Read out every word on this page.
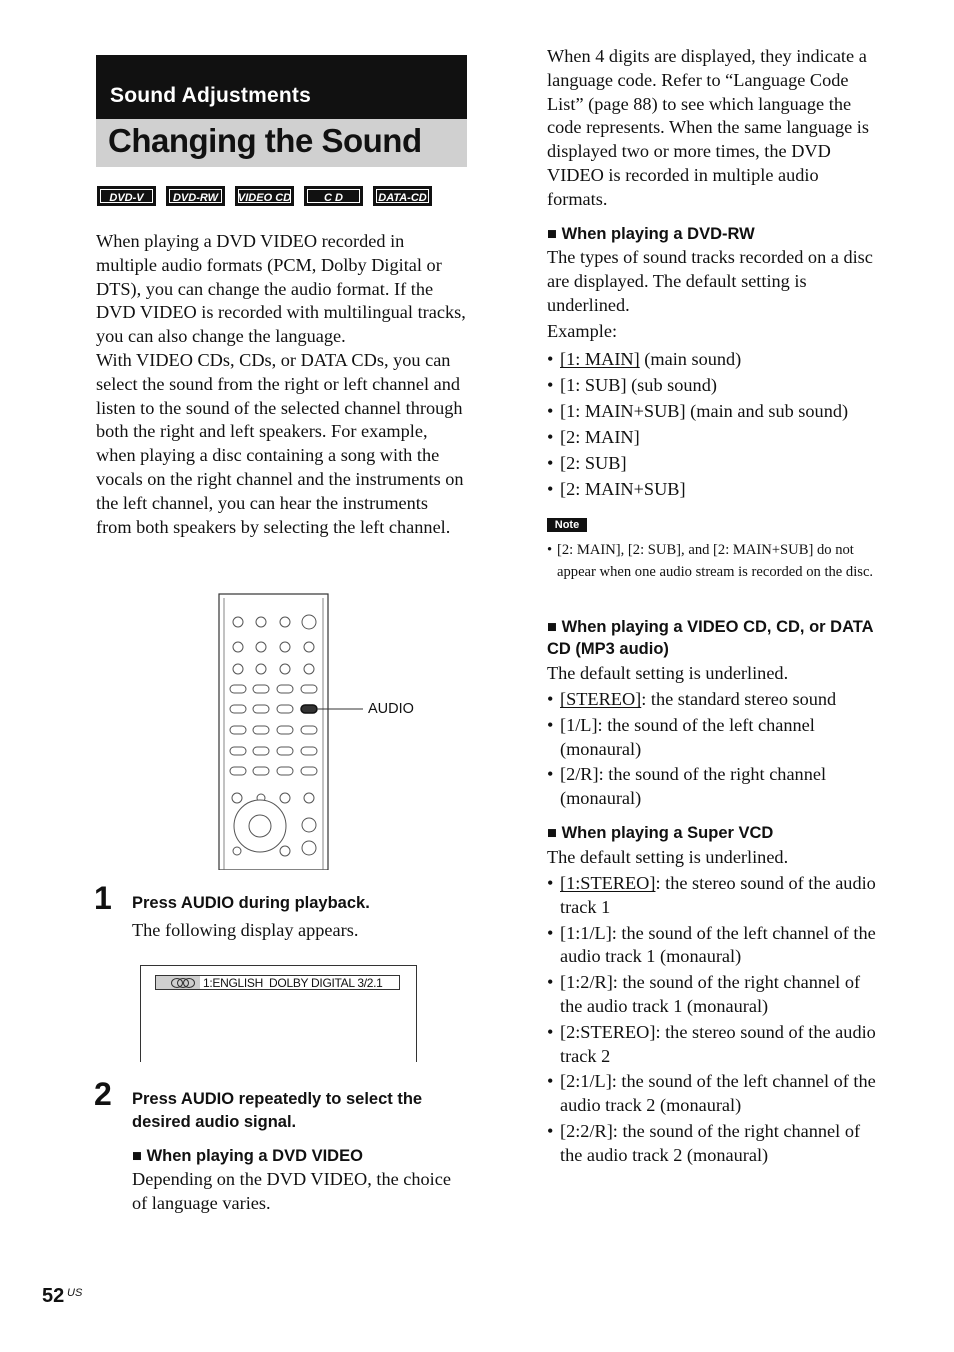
Sound Adjustments
Changing the Sound
DVD-V	DVD-RW	VIDEO CD	C D	DATA-CD
When playing a DVD VIDEO recorded in multiple audio formats (PCM, Dolby Digital or DTS), you can change the audio format. If the DVD VIDEO is recorded with multilingual tracks, you can also change the language.
With VIDEO CDs, CDs, or DATA CDs, you can select the sound from the right or left channel and listen to the sound of the selected channel through both the right and left speakers. For example, when playing a disc containing a song with the vocals on the right channel and the instruments on the left channel, you can hear the instruments from both speakers by selecting the left channel.
AUDIO
1 Press AUDIO during playback.
The following display appears.
1:ENGLISH  DOLBY DIGITAL 3/2.1
2 Press AUDIO repeatedly to select the desired audio signal.
■ When playing a DVD VIDEO
Depending on the DVD VIDEO, the choice of language varies.
When 4 digits are displayed, they indicate a language code. Refer to “Language Code List” (page 88) to see which language the code represents. When the same language is displayed two or more times, the DVD VIDEO is recorded in multiple audio formats.
■ When playing a DVD-RW
The types of sound tracks recorded on a disc are displayed. The default setting is underlined.
Example:
• [1: MAIN] (main sound)
• [1: SUB] (sub sound)
• [1: MAIN+SUB] (main and sub sound)
• [2: MAIN]
• [2: SUB]
• [2: MAIN+SUB]
Note
• [2: MAIN], [2: SUB], and [2: MAIN+SUB] do not appear when one audio stream is recorded on the disc.
■ When playing a VIDEO CD, CD, or DATA CD (MP3 audio)
The default setting is underlined.
• [STEREO]: the standard stereo sound
• [1/L]: the sound of the left channel (monaural)
• [2/R]: the sound of the right channel (monaural)
■ When playing a Super VCD
The default setting is underlined.
• [1:STEREO]: the stereo sound of the audio track 1
• [1:1/L]: the sound of the left channel of the audio track 1 (monaural)
• [1:2/R]: the sound of the right channel of the audio track 1 (monaural)
• [2:STEREO]: the stereo sound of the audio track 2
• [2:1/L]: the sound of the left channel of the audio track 2 (monaural)
• [2:2/R]: the sound of the right channel of the audio track 2 (monaural)
52 US
